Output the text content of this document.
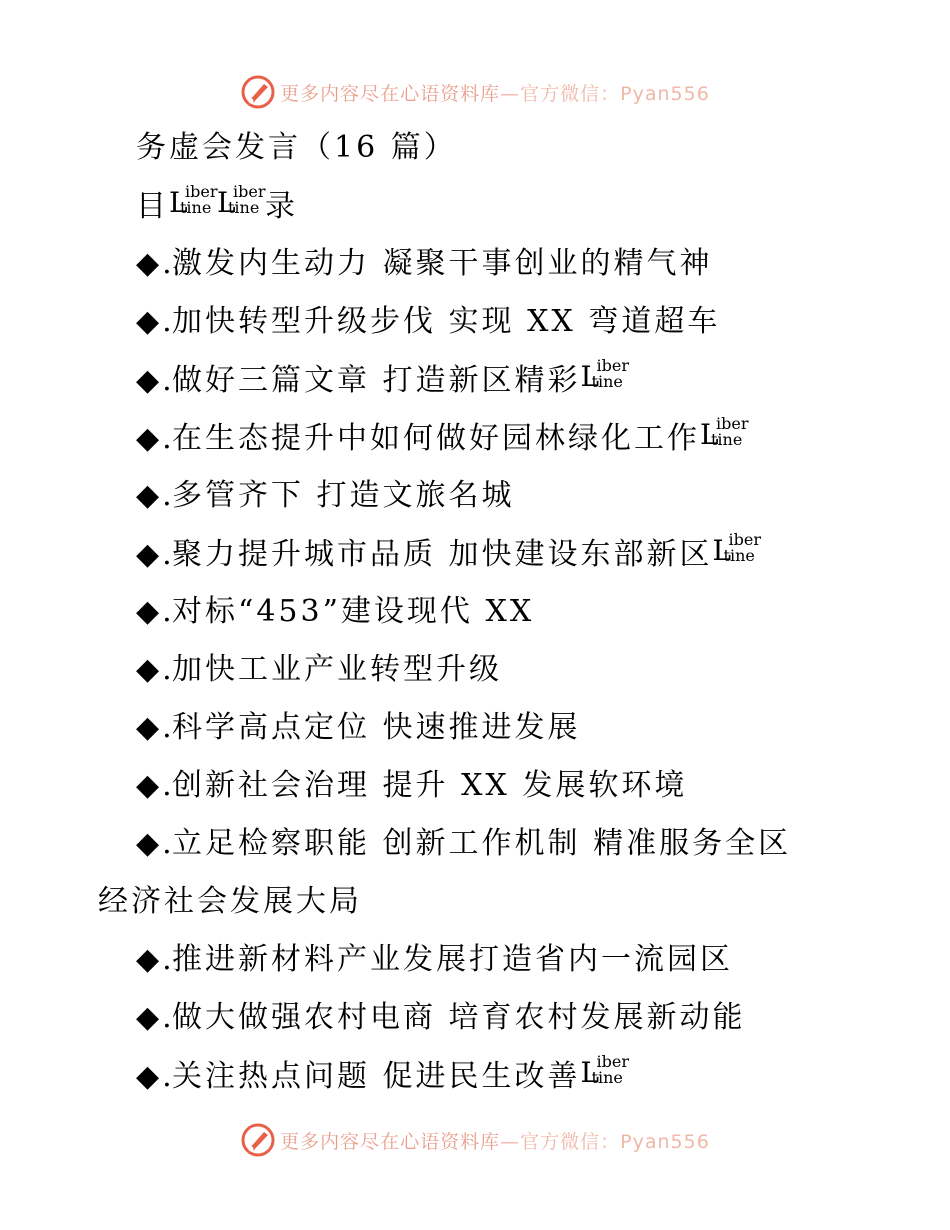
更多内容尽在心语资料库—官方微信：Pyan556
务虚会发言（16 篇）
目 L
iber
tine L
iber
tine 录
◆.激发内生动力 凝聚干事创业的精气神
◆.加快转型升级步伐 实现 XX 弯道超车
◆.做好三篇文章 打造新区精彩 L
iber
tine
◆.在生态提升中如何做好园林绿化工作 L
iber
tine
◆.多管齐下 打造文旅名城
◆.聚力提升城市品质 加快建设东部新区 L
iber
tine
◆.对标“453”建设现代 XX
◆.加快工业产业转型升级
◆.科学高点定位 快速推进发展
◆.创新社会治理 提升 XX 发展软环境
◆.立足检察职能 创新工作机制 精准服务全区
经济社会发展大局
◆.推进新材料产业发展打造省内一流园区
◆.做大做强农村电商 培育农村发展新动能
◆.关注热点问题 促进民生改善 L
iber
tine
更多内容尽在心语资料库—官方微信：Pyan556
